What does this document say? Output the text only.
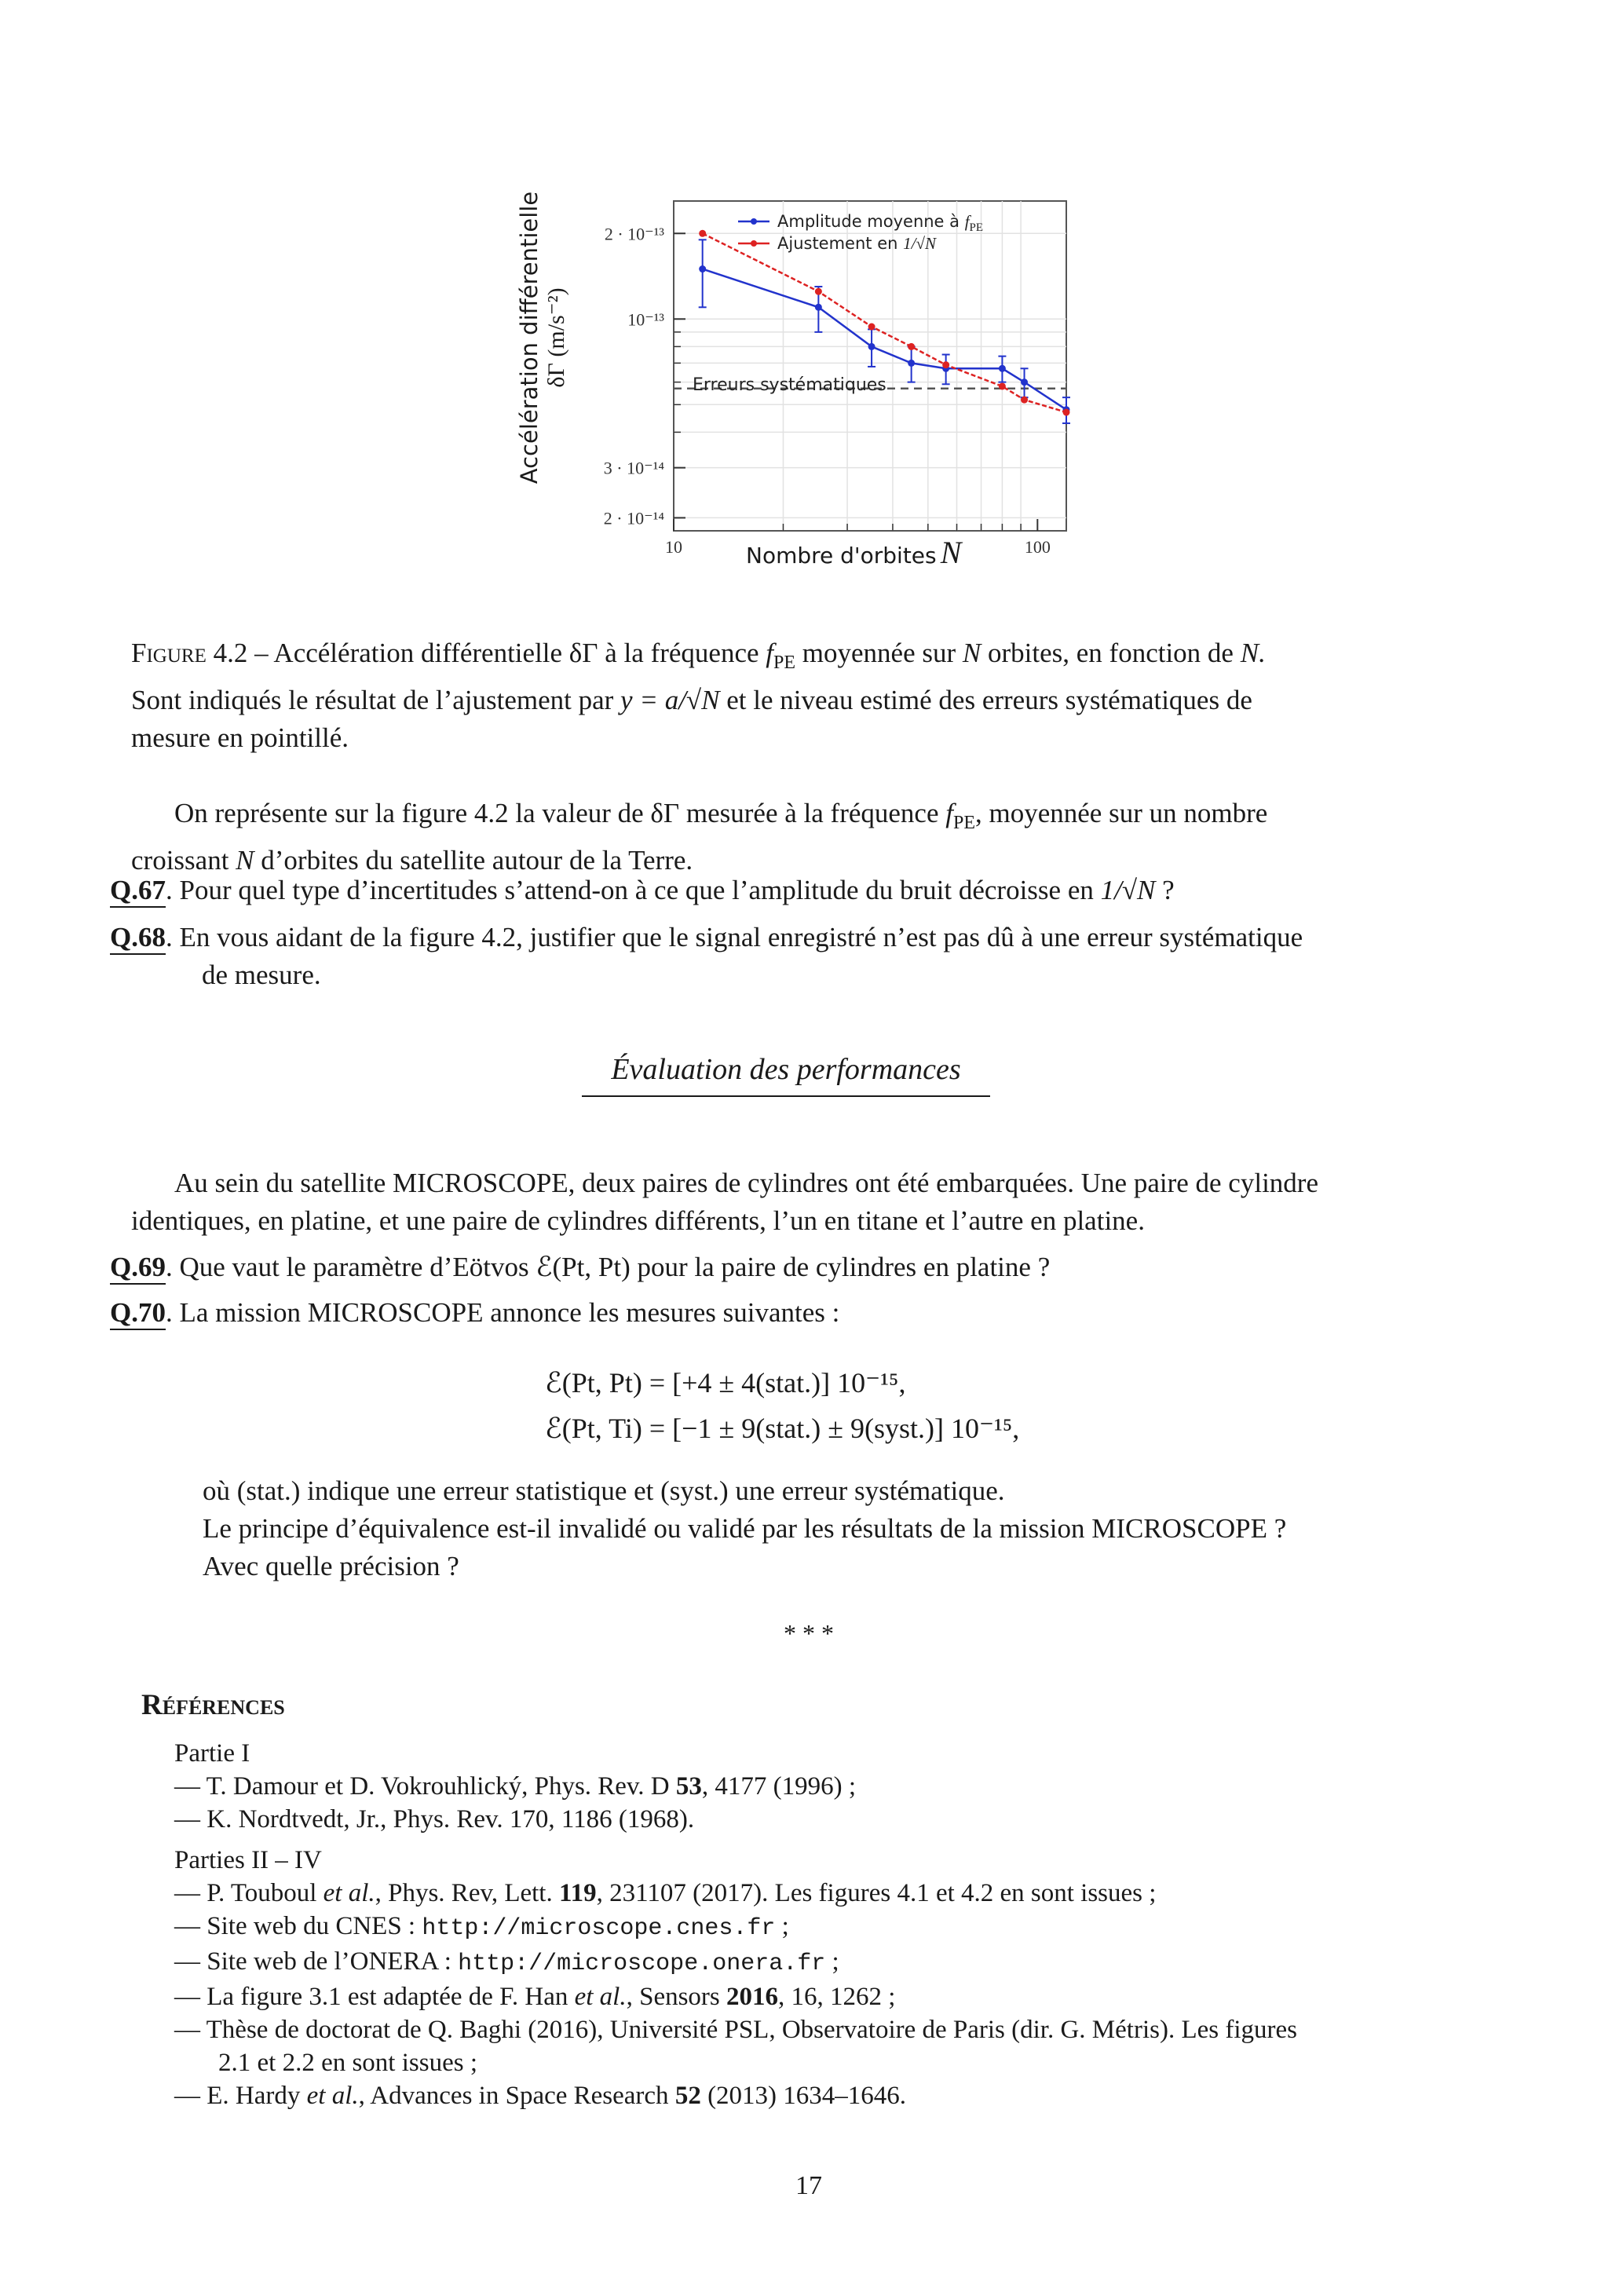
Accélération différentielle δΓ (m/s⁻²)
10	100
2 · 10⁻¹³
10⁻¹³
3 · 10⁻¹⁴
2 · 10⁻¹⁴
Amplitude moyenne à $f_{PE}$
Ajustement en 1/√N
Erreurs systématiques
Nombre d'orbites N
Figure 4.2 – Accélération différentielle δΓ à la fréquence $f_{PE}$ moyennée sur N orbites, en fonction de N.
Sont indiqués le résultat de l’ajustement par y = a/√N et le niveau estimé des erreurs systématiques de
mesure en pointillé.
On représente sur la figure 4.2 la valeur de δΓ mesurée à la fréquence $f_{PE}$, moyennée sur un nombre
croissant N d’orbites du satellite autour de la Terre.
Q.67. Pour quel type d’incertitudes s’attend-on à ce que l’amplitude du bruit décroisse en 1/√N ?
Q.68. En vous aidant de la figure 4.2, justifier que le signal enregistré n’est pas dû à une erreur systématique
de mesure.
Évaluation des performances
Au sein du satellite MICROSCOPE, deux paires de cylindres ont été embarquées. Une paire de cylindre
identiques, en platine, et une paire de cylindres différents, l’un en titane et l’autre en platine.
Q.69. Que vaut le paramètre d’Eötvos ℰ(Pt, Pt) pour la paire de cylindres en platine ?
Q.70. La mission MICROSCOPE annonce les mesures suivantes :
ℰ(Pt, Pt) = [+4 ± 4(stat.)] 10⁻¹⁵,
ℰ(Pt, Ti) = [−1 ± 9(stat.) ± 9(syst.)] 10⁻¹⁵,
où (stat.) indique une erreur statistique et (syst.) une erreur systématique.
Le principe d’équivalence est-il invalidé ou validé par les résultats de la mission MICROSCOPE ?
Avec quelle précision ?
* * *
Références
Partie I
— T. Damour et D. Vokrouhlický, Phys. Rev. D 53, 4177 (1996) ;
— K. Nordtvedt, Jr., Phys. Rev. 170, 1186 (1968).
Parties II – IV
— P. Touboul et al., Phys. Rev, Lett. 119, 231107 (2017). Les figures 4.1 et 4.2 en sont issues ;
— Site web du CNES : http://microscope.cnes.fr ;
— Site web de l’ONERA : http://microscope.onera.fr ;
— La figure 3.1 est adaptée de F. Han et al., Sensors 2016, 16, 1262 ;
— Thèse de doctorat de Q. Baghi (2016), Université PSL, Observatoire de Paris (dir. G. Métris). Les figures
2.1 et 2.2 en sont issues ;
— E. Hardy et al., Advances in Space Research 52 (2013) 1634–1646.
17
